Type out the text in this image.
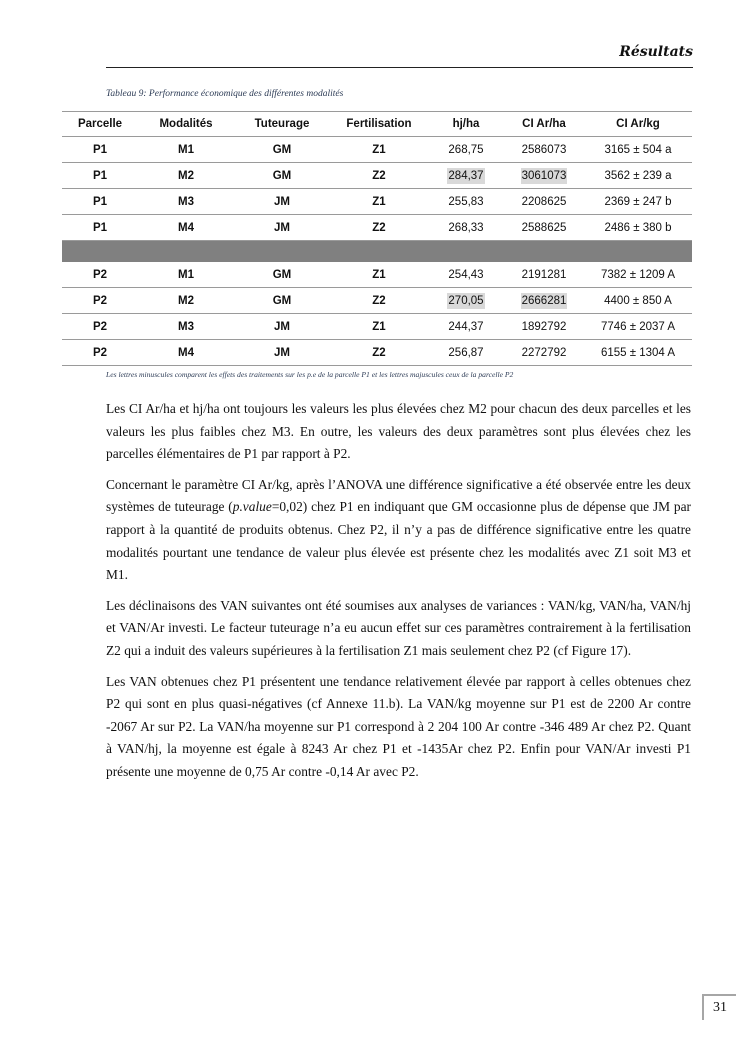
Résultats
Tableau 9: Performance économique des différentes modalités
Parcelle	Modalités	Tuteurage	Fertilisation	hj/ha	CI Ar/ha	CI Ar/kg
P1	M1	GM	Z1	268,75	2586073	3165 ± 504 a
P1	M2	GM	Z2	284,37	3061073	3562 ± 239 a
P1	M3	JM	Z1	255,83	2208625	2369 ± 247 b
P1	M4	JM	Z2	268,33	2588625	2486 ± 380 b

P2	M1	GM	Z1	254,43	2191281	7382 ± 1209 A
P2	M2	GM	Z2	270,05	2666281	4400 ± 850 A
P2	M3	JM	Z1	244,37	1892792	7746 ± 2037 A
P2	M4	JM	Z2	256,87	2272792	6155 ± 1304 A
Les lettres minuscules comparent les effets des traitements sur les p.e de la parcelle P1 et les lettres majuscules ceux de la parcelle P2

Les CI Ar/ha et hj/ha ont toujours les valeurs les plus élevées chez M2 pour chacun des deux parcelles et les valeurs les plus faibles chez M3. En outre, les valeurs des deux paramètres sont plus élevées chez les parcelles élémentaires de P1 par rapport à P2.

Concernant le paramètre CI Ar/kg, après l’ANOVA une différence significative a été observée entre les deux systèmes de tuteurage (p.value=0,02) chez P1 en indiquant que GM occasionne plus de dépense que JM par rapport à la quantité de produits obtenus. Chez P2, il n’y a pas de différence significative entre les quatre modalités pourtant une tendance de valeur plus élevée est présente chez les modalités avec Z1 soit M3 et M1.

Les déclinaisons des VAN suivantes ont été soumises aux analyses de variances : VAN/kg, VAN/ha, VAN/hj et VAN/Ar investi. Le facteur tuteurage n’a eu aucun effet sur ces paramètres contrairement à la fertilisation Z2 qui a induit des valeurs supérieures à la fertilisation Z1 mais seulement chez P2 (cf Figure 17).

Les VAN obtenues chez P1 présentent une tendance relativement élevée par rapport à celles obtenues chez P2 qui sont en plus quasi-négatives (cf Annexe 11.b). La VAN/kg moyenne sur P1 est de 2200 Ar contre -2067 Ar sur P2. La VAN/ha moyenne sur P1 correspond à 2 204 100 Ar contre -346 489 Ar chez P2. Quant à VAN/hj, la moyenne est égale à 8243 Ar chez P1 et -1435Ar chez P2. Enfin pour VAN/Ar investi P1 présente une moyenne de 0,75 Ar contre -0,14 Ar avec P2.

31
